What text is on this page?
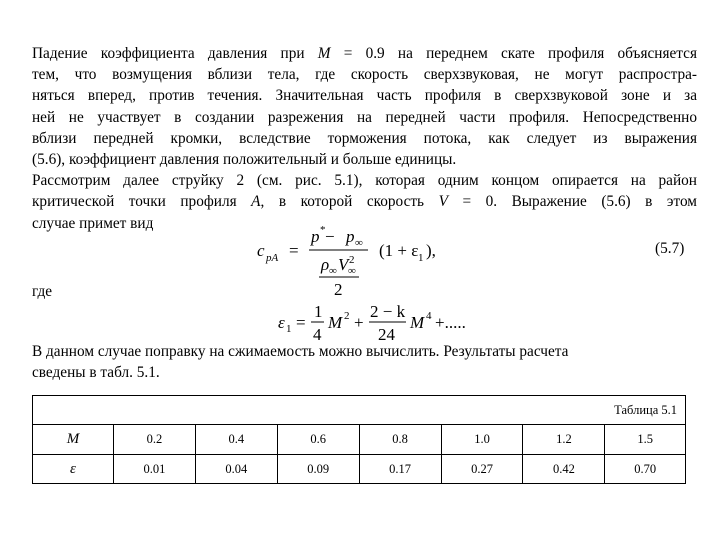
Падение коэффициента давления при M = 0.9 на переднем скате профиля объясняется
тем, что возмущения вблизи тела, где скорость сверхзвуковая, не могут распростра-
няться вперед, против течения. Значительная часть профиля в сверхзвуковой зоне и за
ней не участвует в создании разрежения на передней части профиля. Непосредственно
вблизи передней кромки, вследствие торможения потока, как следует из выражения
(5.6), коэффициент давления положительный и больше единицы.
Рассмотрим далее струйку 2 (см. рис. 5.1), которая одним концом опирается на район
критической точки профиля A, в которой скорость V = 0. Выражение (5.6) в этом
случае примет вид
c pA =
p * − p ∞
ρ ∞ V 2
∞
2
(1 + ε 1 ),	(5.7)
где
ε 1 =
1
4
M 2 +
2 − k
24
M 4 +.....
В данном случае поправку на сжимаемость можно вычислить. Результаты расчета
сведены в табл. 5.1.
Таблица 5.1
M	0.2	0.4	0.6	0.8	1.0	1.2	1.5
ε	0.01	0.04	0.09	0.17	0.27	0.42	0.70
